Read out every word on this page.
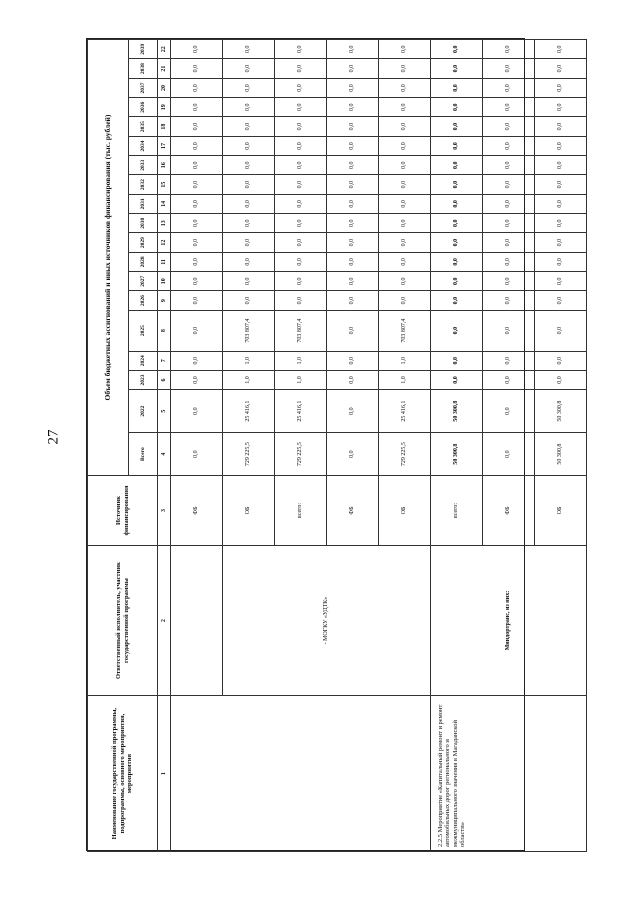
27
Наименование государственной программы, подпрограммы, основного мероприятия, мероприятия	Ответственный исполнитель, участник государственной программы	Источник финансирования	Объем бюджетных ассигнований и иных источников финансирования (тыс. рублей)																		
			Всего	2022	2023	2024	2025	2026	2027	2028	2029	2030	2031	2032	2033	2034	2035	2036	2037	2038	2039
1	2	3	4	5	6	7	8	9	10	11	12	13	14	15	16	17	18	19	20	21	22
		ФБ	0,0	0,0	0,0	0,0	0,0	0,0	0,0	0,0	0,0	0,0	0,0	0,0	0,0	0,0	0,0	0,0	0,0	0,0	0,0
	- МОГКУ «УДТК»	ОБ	729 225,5	25 416,1	1,0	1,0	703 807,4	0,0	0,0	0,0	0,0	0,0	0,0	0,0	0,0	0,0	0,0	0,0	0,0	0,0	0,0
		всего:	729 225,5	25 416,1	1,0	1,0	703 807,4	0,0	0,0	0,0	0,0	0,0	0,0	0,0	0,0	0,0	0,0	0,0	0,0	0,0	0,0
		ФБ	0,0	0,0	0,0	0,0	0,0	0,0	0,0	0,0	0,0	0,0	0,0	0,0	0,0	0,0	0,0	0,0	0,0	0,0	0,0
		ОБ	729 225,5	25 416,1	1,0	1,0	703 807,4	0,0	0,0	0,0	0,0	0,0	0,0	0,0	0,0	0,0	0,0	0,0	0,0	0,0	0,0
2.2.5 Мероприятие «Капитальный ремонт и ремонт автомобильных дорог регионального и межмуниципального значения в Магаданской области»	Миндортранс, из них:	всего:	50 300,8	50 300,8	0,0	0,0	0,0	0,0	0,0	0,0	0,0	0,0	0,0	0,0	0,0	0,0	0,0	0,0	0,0	0,0	0,0
		ФБ	0,0	0,0	0,0	0,0	0,0	0,0	0,0	0,0	0,0	0,0	0,0	0,0	0,0	0,0	0,0	0,0	0,0	0,0	0,0
		ОБ	50 300,8	50 300,8	0,0	0,0	0,0	0,0	0,0	0,0	0,0	0,0	0,0	0,0	0,0	0,0	0,0	0,0	0,0	0,0	0,0
